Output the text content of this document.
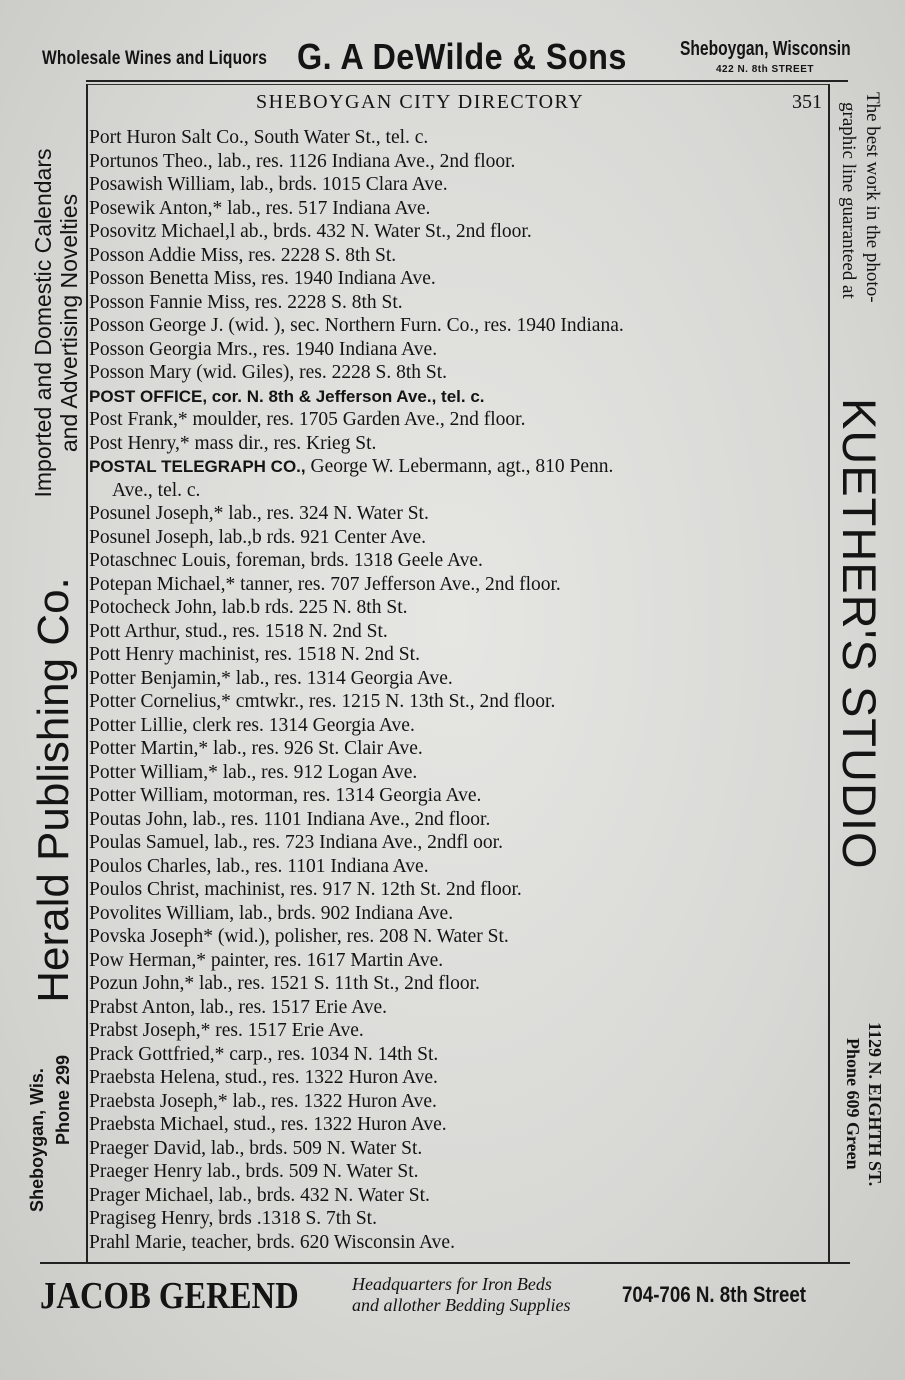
Wholesale Wines and Liquors G. A DeWilde & Sons	Sheboygan, Wisconsin
422 N. 8th STREET
SHEBOYGAN CITY DIRECTORY	351
Port Huron Salt Co., South Water St., tel. c.
Portunos Theo., lab., res. 1126 Indiana Ave., 2nd floor.
Posawish William, lab., brds. 1015 Clara Ave.
Posewik Anton,* lab., res. 517 Indiana Ave.
Posovitz Michael,l ab., brds. 432 N. Water St., 2nd floor.
Posson Addie Miss, res. 2228 S. 8th St.
Posson Benetta Miss, res. 1940 Indiana Ave.
Posson Fannie Miss, res. 2228 S. 8th St.
Posson George J. (wid. ), sec. Northern Furn. Co., res. 1940 Indiana.
Posson Georgia Mrs., res. 1940 Indiana Ave.
Posson Mary (wid. Giles), res. 2228 S. 8th St.
POST OFFICE, cor. N. 8th & Jefferson Ave., tel. c.
Post Frank,* moulder, res. 1705 Garden Ave., 2nd floor.
Post Henry,* mass dir., res. Krieg St.
POSTAL TELEGRAPH CO., George W. Lebermann, agt., 810 Penn.
Ave., tel. c.
Posunel Joseph,* lab., res. 324 N. Water St.
Posunel Joseph, lab.,b rds. 921 Center Ave.
Potaschnec Louis, foreman, brds. 1318 Geele Ave.
Potepan Michael,* tanner, res. 707 Jefferson Ave., 2nd floor.
Potocheck John, lab.b rds. 225 N. 8th St.
Pott Arthur, stud., res. 1518 N. 2nd St.
Pott Henry machinist, res. 1518 N. 2nd St.
Potter Benjamin,* lab., res. 1314 Georgia Ave.
Potter Cornelius,* cmtwkr., res. 1215 N. 13th St., 2nd floor.
Potter Lillie, clerk res. 1314 Georgia Ave.
Potter Martin,* lab., res. 926 St. Clair Ave.
Potter William,* lab., res. 912 Logan Ave.
Potter William, motorman, res. 1314 Georgia Ave.
Poutas John, lab., res. 1101 Indiana Ave., 2nd floor.
Poulas Samuel, lab., res. 723 Indiana Ave., 2ndfl oor.
Poulos Charles, lab., res. 1101 Indiana Ave.
Poulos Christ, machinist, res. 917 N. 12th St. 2nd floor.
Povolites William, lab., brds. 902 Indiana Ave.
Povska Joseph* (wid.), polisher, res. 208 N. Water St.
Pow Herman,* painter, res. 1617 Martin Ave.
Pozun John,* lab., res. 1521 S. 11th St., 2nd floor.
Prabst Anton, lab., res. 1517 Erie Ave.
Prabst Joseph,* res. 1517 Erie Ave.
Prack Gottfried,* carp., res. 1034 N. 14th St.
Praebsta Helena, stud., res. 1322 Huron Ave.
Praebsta Joseph,* lab., res. 1322 Huron Ave.
Praebsta Michael, stud., res. 1322 Huron Ave.
Praeger David, lab., brds. 509 N. Water St.
Praeger Henry lab., brds. 509 N. Water St.
Prager Michael, lab., brds. 432 N. Water St.
Pragiseg Henry, brds .1318 S. 7th St.
Prahl Marie, teacher, brds. 620 Wisconsin Ave.
Imported and Domestic Calendars and Advertising Novelties
Herald Publishing Co.
Sheboygan, Wis. Phone 299
The best work in the photo-
graphic line guaranteed at
KUETHER'S STUDIO
1129 N. EIGHTH ST.
Phone 609 Green
JACOB GEREND	Headquarters for Iron Beds
and allother Bedding Supplies 704-706 N. 8th Street
